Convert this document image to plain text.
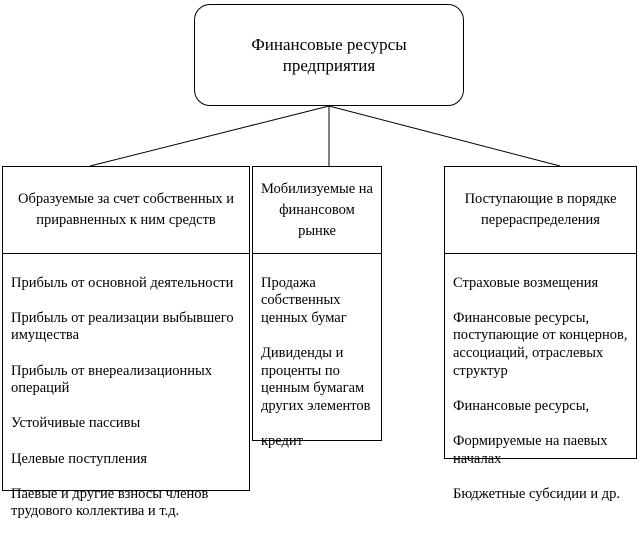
Финансовые ресурсы
предприятия
Образуемые за счет собственных и приравненных к ним средств

Прибыль от основной деятельности

Прибыль от реализации выбывшего имущества

Прибыль от внереализационных операций

Устойчивые пассивы

Целевые поступления

Паевые и другие взносы членов трудового коллектива и т.д.

Мобилизуемые на финансовом рынке

Продажа собственных ценных бумаг

Дивиденды и проценты по ценным бумагам других элементов

кредит

Поступающие в порядке перераспределения

Страховые возмещения

Финансовые ресурсы, поступающие от концернов, ассоциаций, отраслевых структур

Финансовые ресурсы,

Формируемые на паевых началах

Бюджетные субсидии и др.
